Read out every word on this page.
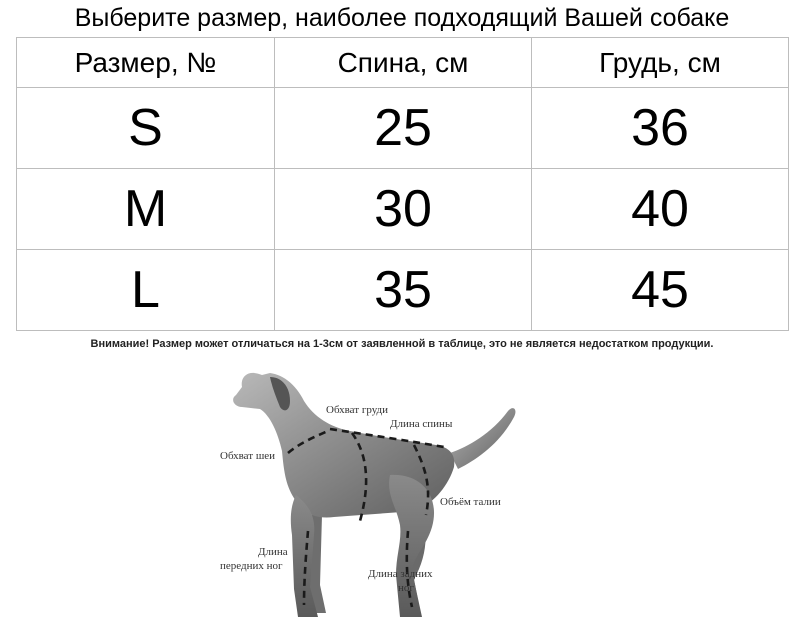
Выберите размер, наиболее подходящий Вашей собаке
Размер, №	Спина, см	Грудь, см
S	25	36
M	30	40
L	35	45
Внимание! Размер может отличаться на 1-3см от заявленной в таблице, это не является недостатком продукции.
Обхват груди
Длина спины
Обхват шеи
Объём талии
Длина
передних ног
Длина задних
ног
